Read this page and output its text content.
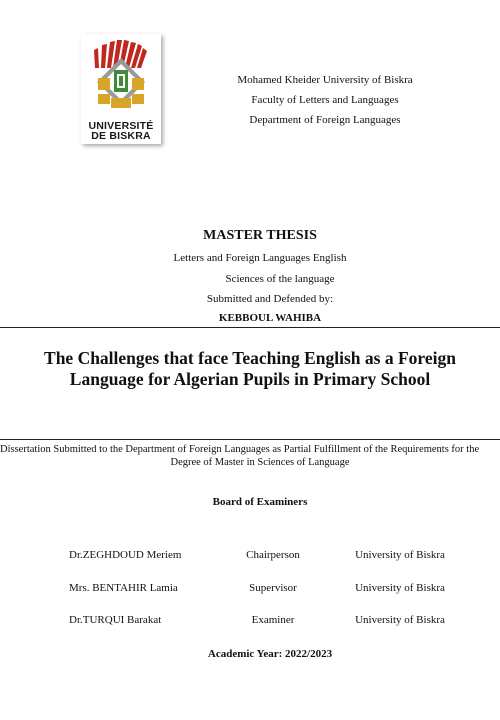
UNIVERSITÉ
DE BISKRA
Mohamed Kheider University of Biskra
Faculty of Letters and Languages
Department of Foreign Languages
MASTER THESIS
Letters and Foreign Languages English
Sciences of the language
Submitted and Defended by:
KEBBOUL WAHIBA
The Challenges that face Teaching English as a Foreign Language for Algerian Pupils in Primary School
Dissertation Submitted to the Department of Foreign Languages as Partial Fulfillment of the Requirements for the
Degree of Master in Sciences of Language
Board of Examiners
Dr.ZEGHDOUD Meriem	Chairperson	University of Biskra
Mrs. BENTAHIR Lamia	Supervisor	University of Biskra
Dr.TURQUI Barakat	Examiner	University of Biskra
Academic Year: 2022/2023
